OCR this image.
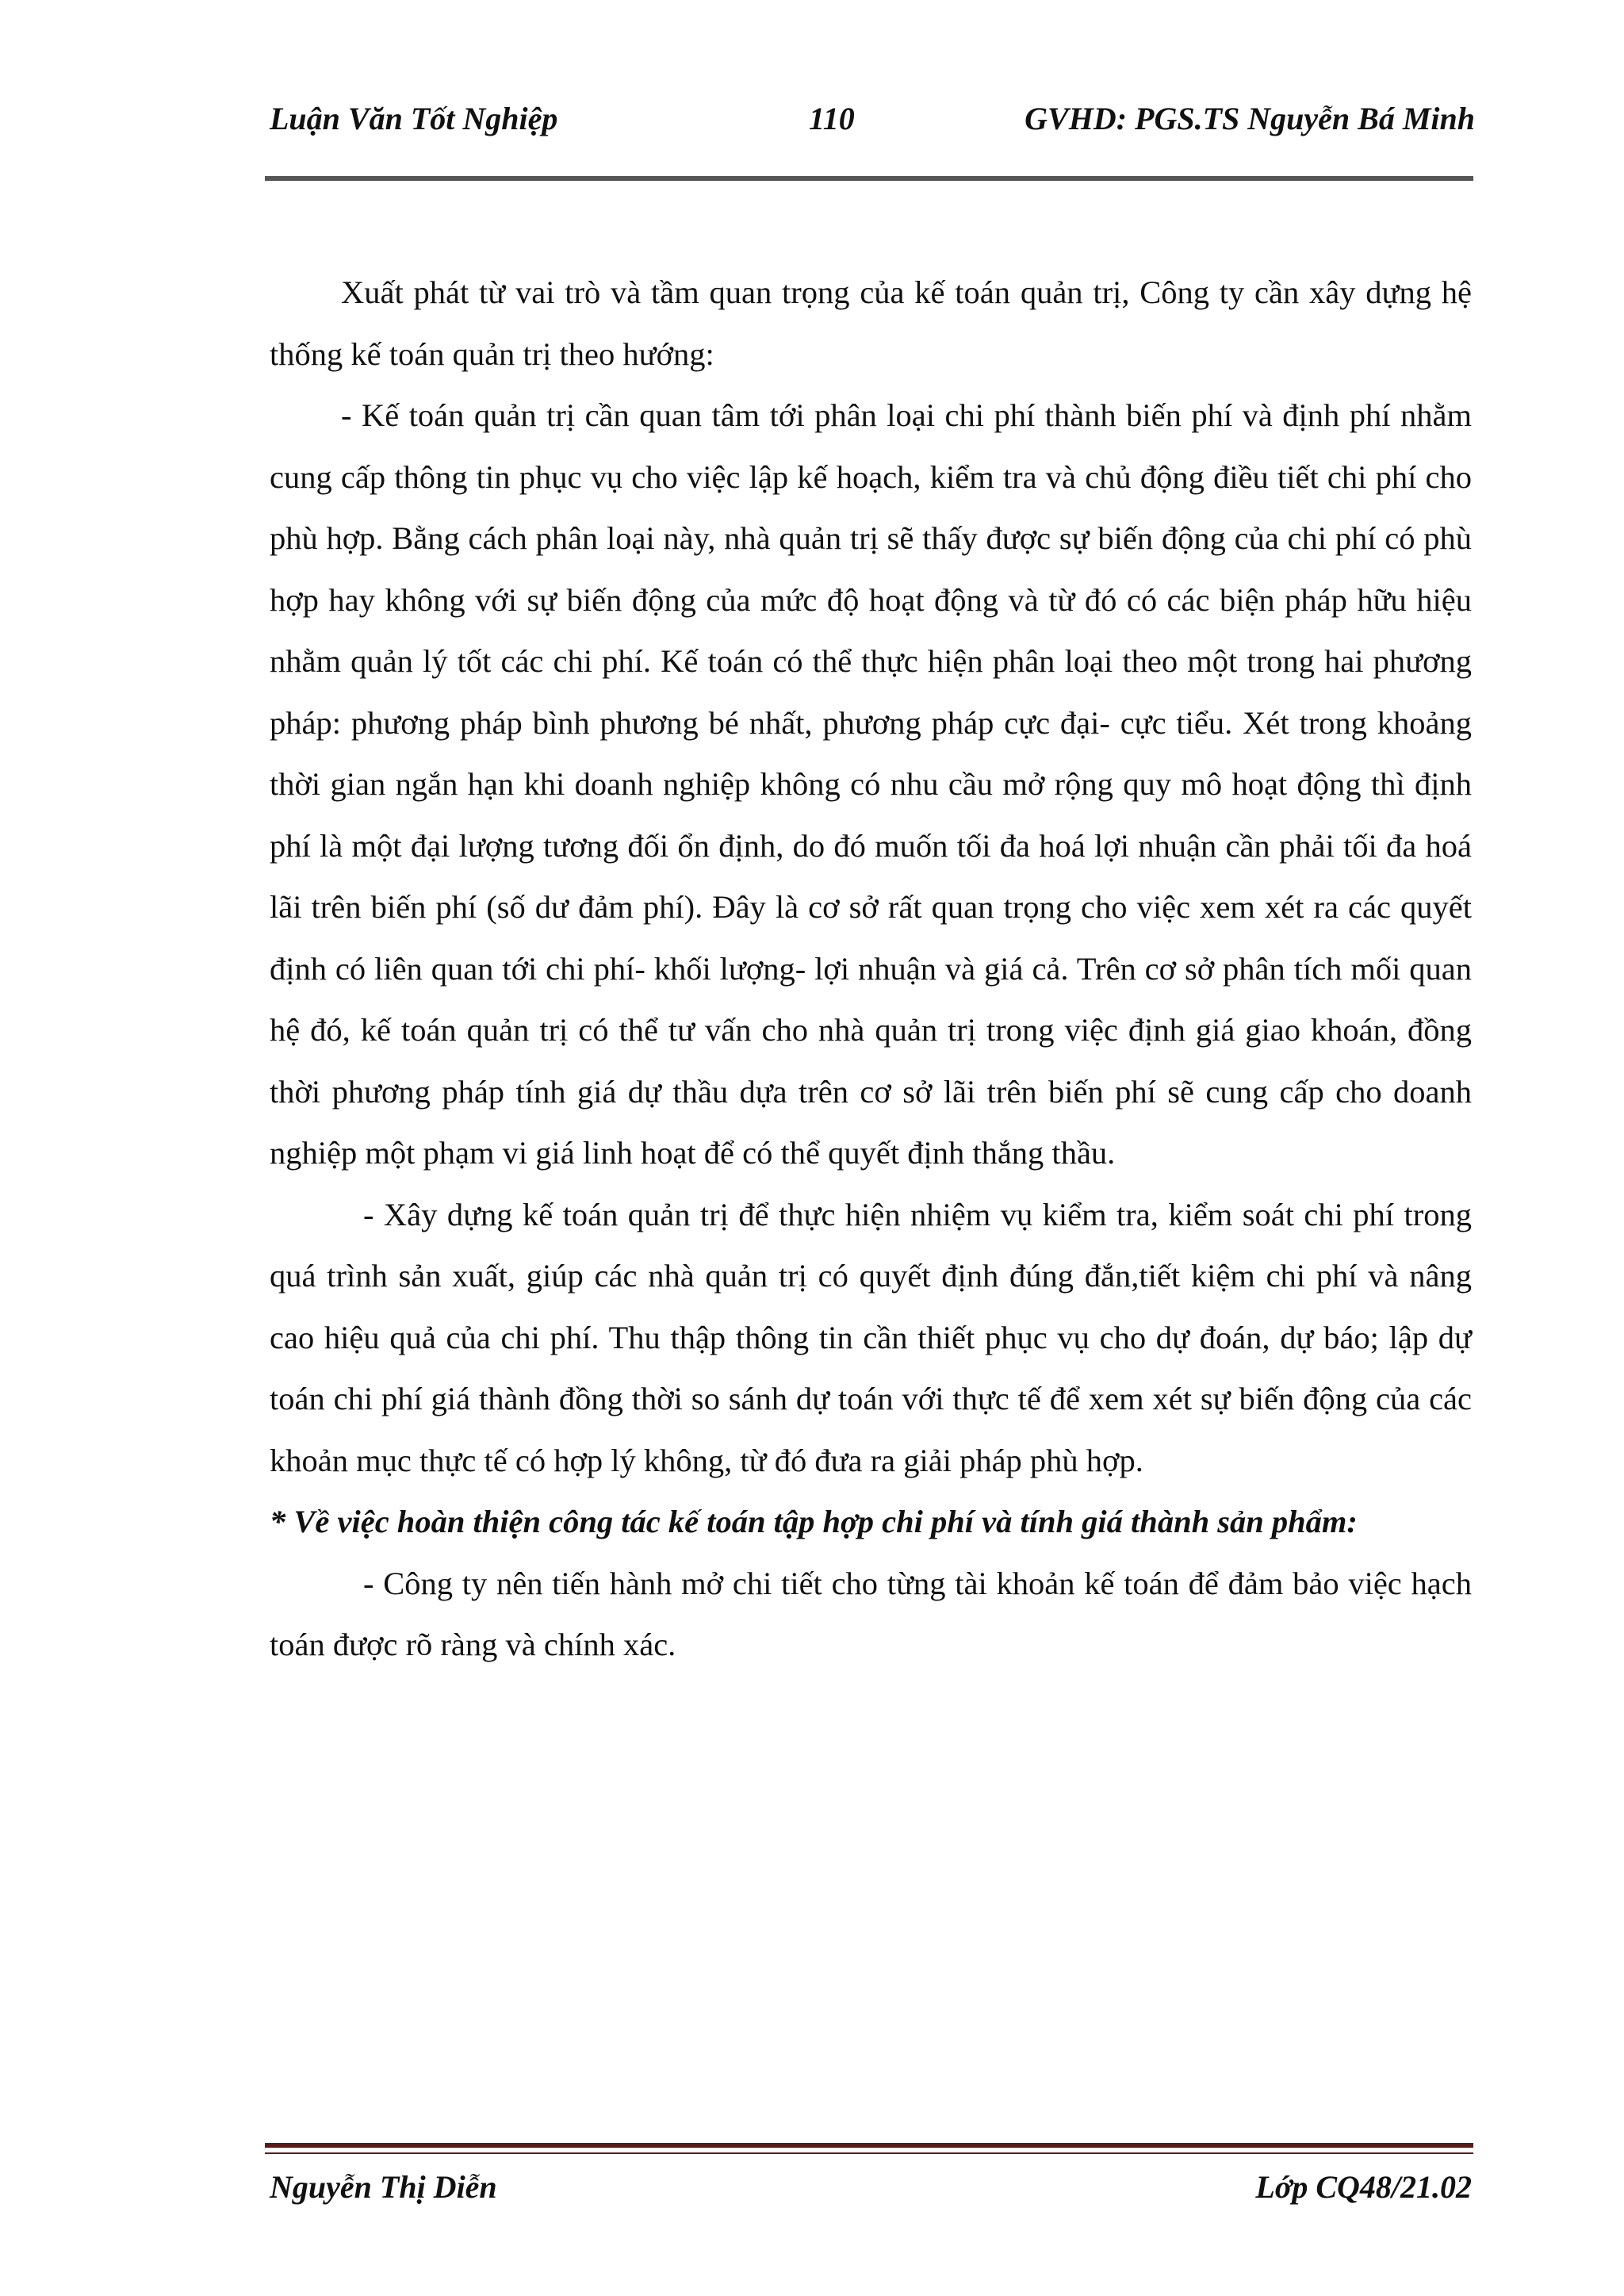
Luận Văn Tốt Nghiệp	110	GVHD: PGS.TS Nguyễn Bá Minh

Xuất phát từ vai trò và tầm quan trọng của kế toán quản trị, Công ty cần xây dựng hệ thống kế toán quản trị theo hướng:

- Kế toán quản trị cần quan tâm tới phân loại chi phí thành biến phí và định phí nhằm cung cấp thông tin phục vụ cho việc lập kế hoạch, kiểm tra và chủ động điều tiết chi phí cho phù hợp. Bằng cách phân loại này, nhà quản trị sẽ thấy được sự biến động của chi phí có phù hợp hay không với sự biến động của mức độ hoạt động và từ đó có các biện pháp hữu hiệu nhằm quản lý tốt các chi phí. Kế toán có thể thực hiện phân loại theo một trong hai phương pháp: phương pháp bình phương bé nhất, phương pháp cực đại- cực tiểu. Xét trong khoảng thời gian ngắn hạn khi doanh nghiệp không có nhu cầu mở rộng quy mô hoạt động thì định phí là một đại lượng tương đối ổn định, do đó muốn tối đa hoá lợi nhuận cần phải tối đa hoá lãi trên biến phí (số dư đảm phí). Đây là cơ sở rất quan trọng cho việc xem xét ra các quyết định có liên quan tới chi phí- khối lượng- lợi nhuận và giá cả. Trên cơ sở phân tích mối quan hệ đó, kế toán quản trị có thể tư vấn cho nhà quản trị trong việc định giá giao khoán, đồng thời phương pháp tính giá dự thầu dựa trên cơ sở lãi trên biến phí sẽ cung cấp cho doanh nghiệp một phạm vi giá linh hoạt để có thể quyết định thắng thầu.

- Xây dựng kế toán quản trị để thực hiện nhiệm vụ kiểm tra, kiểm soát chi phí trong quá trình sản xuất, giúp các nhà quản trị có quyết định đúng đắn,tiết kiệm chi phí và nâng cao hiệu quả của chi phí. Thu thập thông tin cần thiết phục vụ cho dự đoán, dự báo; lập dự toán chi phí giá thành đồng thời so sánh dự toán với thực tế để xem xét sự biến động của các khoản mục thực tế có hợp lý không, từ đó đưa ra giải pháp phù hợp.

* Về việc hoàn thiện công tác kế toán tập hợp chi phí và tính giá thành sản phẩm:

- Công ty nên tiến hành mở chi tiết cho từng tài khoản kế toán để đảm bảo việc hạch toán được rõ ràng và chính xác.

Nguyễn Thị Diễn	Lớp CQ48/21.02
